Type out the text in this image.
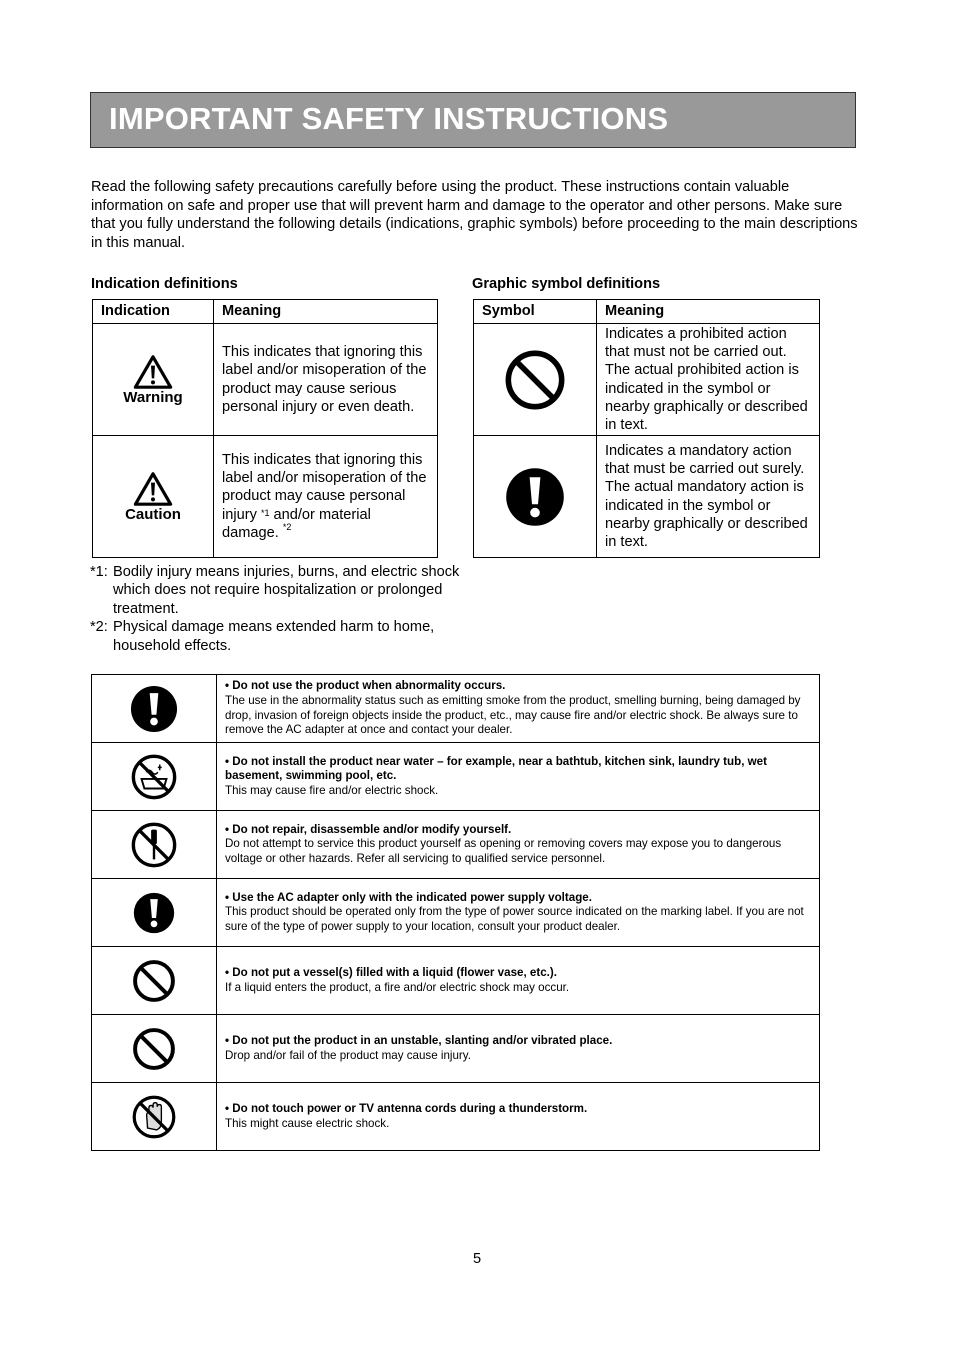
IMPORTANT SAFETY INSTRUCTIONS
Read the following safety precautions carefully before using the product. These instructions contain valuable information on safe and proper use that will prevent harm and damage to the operator and other persons. Make sure that you fully understand the following details (indications, graphic symbols) before proceeding to the main descriptions in this manual.
Indication definitions	Graphic symbol definitions
Indication	Meaning

Warning	This indicates that ignoring this label and/or misoperation of the product may cause serious personal injury or even death.

Caution	This indicates that ignoring this label and/or misoperation of the product may cause personal injury $^{*1}$ and/or material damage. $^{*2}$
Symbol	Meaning
	Indicates a prohibited action that must not be carried out. The actual prohibited action is indicated in the symbol or nearby graphically or described in text.
	Indicates a mandatory action that must be carried out surely. The actual mandatory action is indicated in the symbol or nearby graphically or described in text.
*1: Bodily injury means injuries, burns, and electric shock which does not require hospitalization or prolonged treatment.
*2: Physical damage means extended harm to home, household effects.

• Do not use the product when abnormality occurs.
The use in the abnormality status such as emitting smoke from the product, smelling burning, being damaged by drop, invasion of foreign objects inside the product, etc., may cause fire and/or electric shock. Be always sure to remove the AC adapter at once and contact your dealer.

• Do not install the product near water – for example, near a bathtub, kitchen sink, laundry tub, wet basement, swimming pool, etc.
This may cause fire and/or electric shock.

• Do not repair, disassemble and/or modify yourself.
Do not attempt to service this product yourself as opening or removing covers may expose you to dangerous voltage or other hazards. Refer all servicing to qualified service personnel.

• Use the AC adapter only with the indicated power supply voltage.
This product should be operated only from the type of power source indicated on the marking label. If you are not sure of the type of power supply to your location, consult your product dealer.

• Do not put a vessel(s) filled with a liquid (flower vase, etc.).
If a liquid enters the product, a fire and/or electric shock may occur.

• Do not put the product in an unstable, slanting and/or vibrated place.
Drop and/or fail of the product may cause injury.

• Do not touch power or TV antenna cords during a thunderstorm.
This might cause electric shock.
5
